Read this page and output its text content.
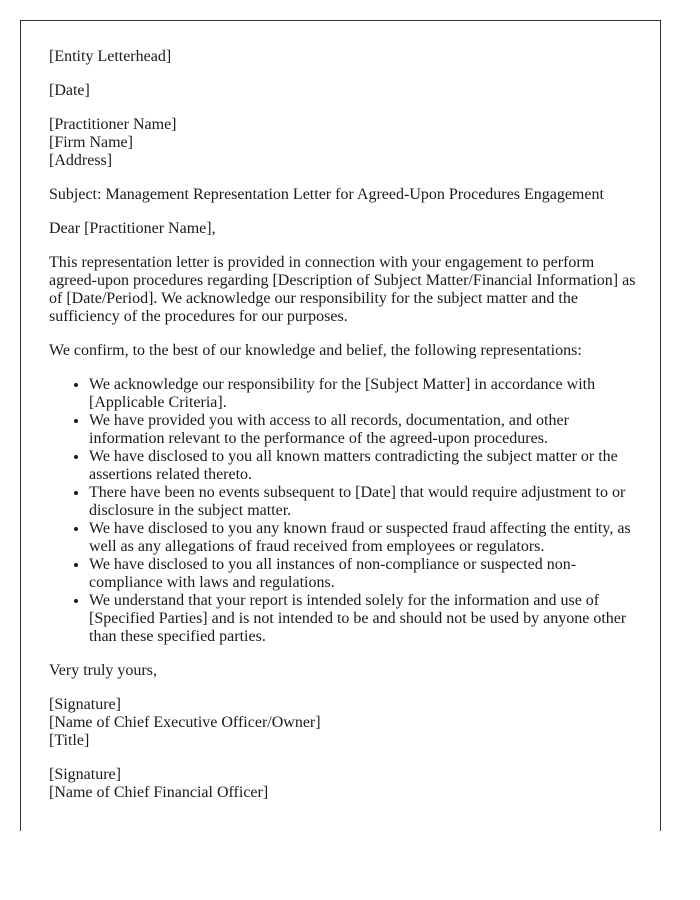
[Entity Letterhead]

[Date]

[Practitioner Name]
[Firm Name]
[Address]

Subject: Management Representation Letter for Agreed-Upon Procedures Engagement

Dear [Practitioner Name],

This representation letter is provided in connection with your engagement to perform agreed-upon procedures regarding [Description of Subject Matter/Financial Information] as of [Date/Period]. We acknowledge our responsibility for the subject matter and the sufficiency of the procedures for our purposes.

We confirm, to the best of our knowledge and belief, the following representations:

• We acknowledge our responsibility for the [Subject Matter] in accordance with [Applicable Criteria].
• We have provided you with access to all records, documentation, and other information relevant to the performance of the agreed-upon procedures.
• We have disclosed to you all known matters contradicting the subject matter or the assertions related thereto.
• There have been no events subsequent to [Date] that would require adjustment to or disclosure in the subject matter.
• We have disclosed to you any known fraud or suspected fraud affecting the entity, as well as any allegations of fraud received from employees or regulators.
• We have disclosed to you all instances of non-compliance or suspected non-compliance with laws and regulations.
• We understand that your report is intended solely for the information and use of [Specified Parties] and is not intended to be and should not be used by anyone other than these specified parties.

Very truly yours,

[Signature]
[Name of Chief Executive Officer/Owner]
[Title]
[Signature]
[Name of Chief Financial Officer]
